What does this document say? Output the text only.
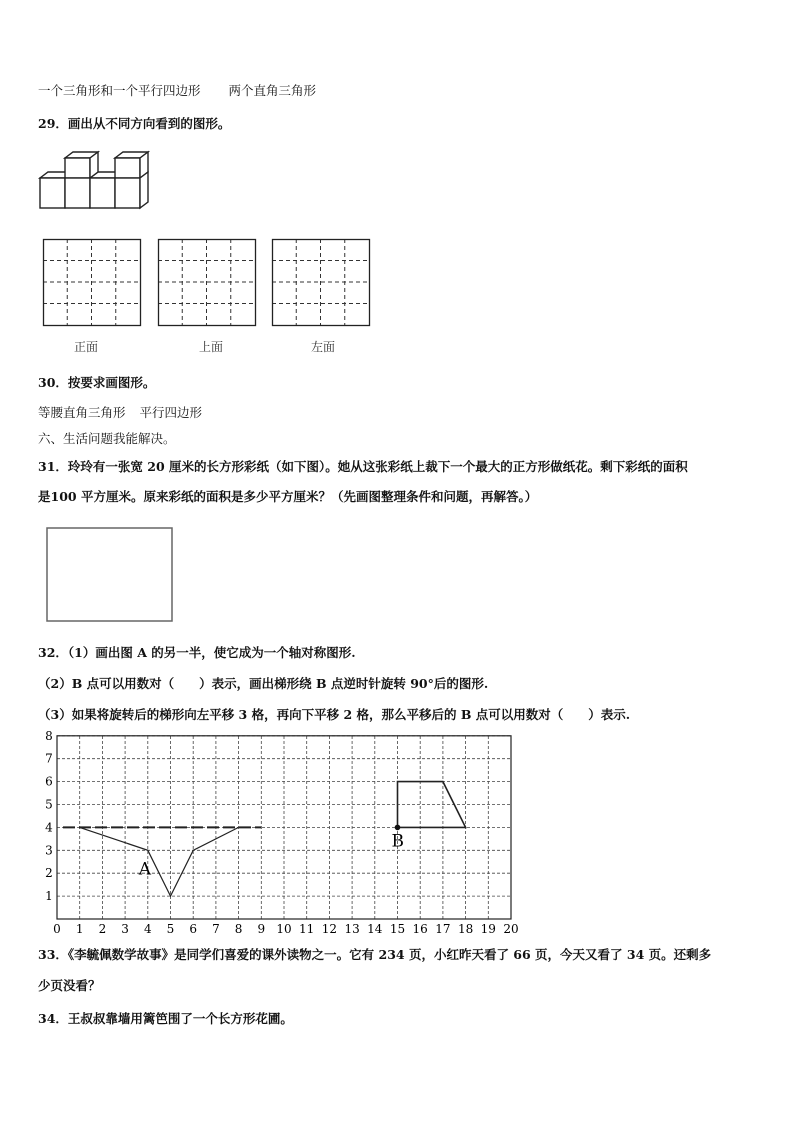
一个三角形和一个平行四边形 两个直角三角形
29．画出从不同方向看到的图形。
正面	上面	左面
30．按要求画图形。
等腰直角三角形 平行四边形
六、生活问题我能解决。
31．玲玲有一张宽 20 厘米的长方形彩纸（如下图）。她从这张彩纸上裁下一个最大的正方形做纸花。剩下彩纸的面积
是100 平方厘米。原来彩纸的面积是多少平方厘米？（先画图整理条件和问题，再解答。）
32．（1）画出图 A 的另一半，使它成为一个轴对称图形.
（2）B 点可以用数对（　　）表示，画出梯形绕 B 点逆时针旋转 90°后的图形.
（3）如果将旋转后的梯形向左平移 3 格，再向下平移 2 格，那么平移后的 B 点可以用数对（　　）表示.
0 1 2 3 4 5 6 7 8 9 10 11 12 13 14 15 16 17 18 19 20
1
2
3
4
5
6
7
8
A
B
33．《李毓佩数学故事》是同学们喜爱的课外读物之一。它有 234 页，小红昨天看了 66 页，今天又看了 34 页。还剩多
少页没看？
34．王叔叔靠墙用篱笆围了一个长方形花圃。
